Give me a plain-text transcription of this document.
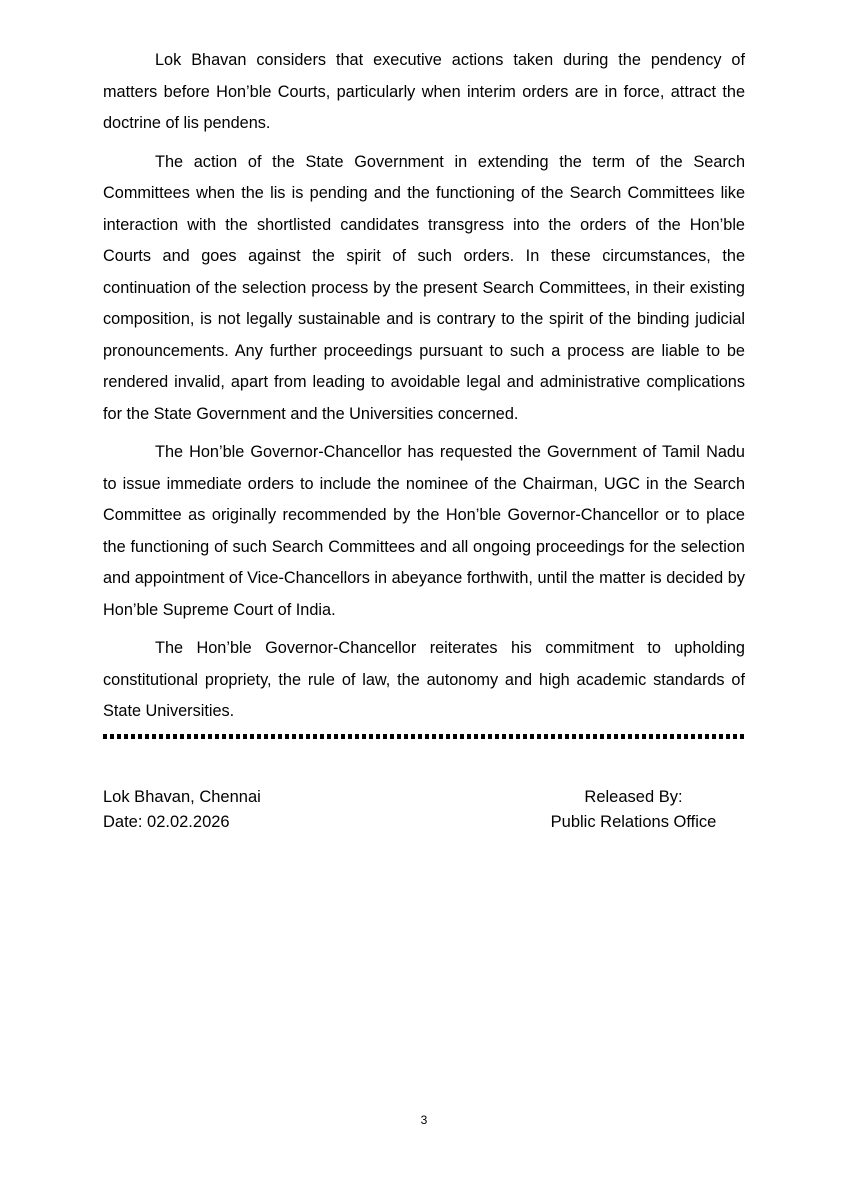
Lok Bhavan considers that executive actions taken during the pendency of matters before Hon’ble Courts, particularly when interim orders are in force, attract the doctrine of lis pendens.

The action of the State Government in extending the term of the Search Committees when the lis is pending and the functioning of the Search Committees like interaction with the shortlisted candidates transgress into the orders of the Hon’ble Courts and goes against the spirit of such orders. In these circumstances, the continuation of the selection process by the present Search Committees, in their existing composition, is not legally sustainable and is contrary to the spirit of the binding judicial pronouncements. Any further proceedings pursuant to such a process are liable to be rendered invalid, apart from leading to avoidable legal and administrative complications for the State Government and the Universities concerned.

The Hon’ble Governor-Chancellor has requested the Government of Tamil Nadu to issue immediate orders to include the nominee of the Chairman, UGC in the Search Committee as originally recommended by the Hon’ble Governor-Chancellor or to place the functioning of such Search Committees and all ongoing proceedings for the selection and appointment of Vice-Chancellors in abeyance forthwith, until the matter is decided by Hon’ble Supreme Court of India.

The Hon’ble Governor-Chancellor reiterates his commitment to upholding constitutional propriety, the rule of law, the autonomy and high academic standards of State Universities.

Lok Bhavan, Chennai
Date: 02.02.2026
Released By:
Public Relations Office
3
